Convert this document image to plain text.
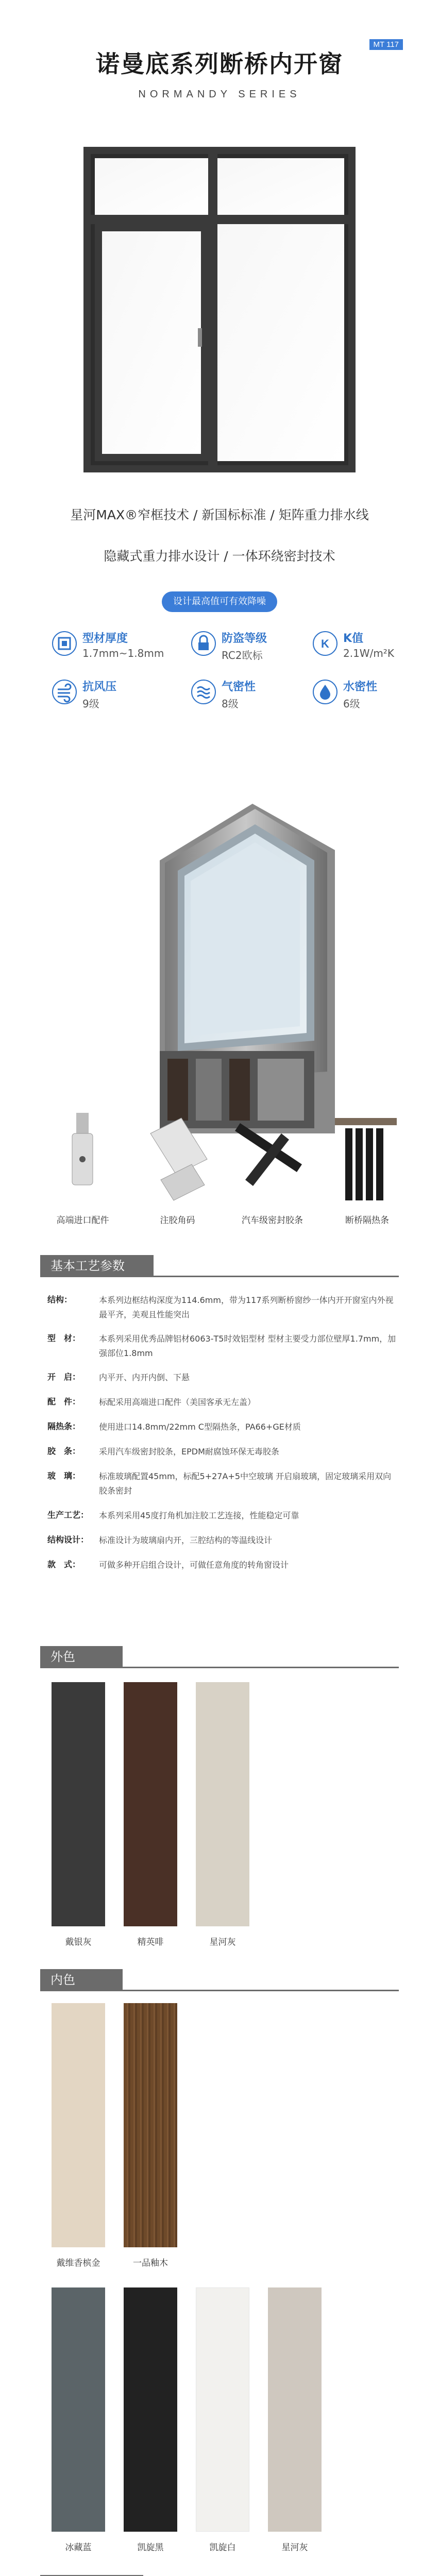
诺曼底系列断桥内开窗
MT 117
NORMANDY SERIES
星河MAX®窄框技术 / 新国标标准 / 矩阵重力排水线
隐藏式重力排水设计 / 一体环绕密封技术
设计最高值可有效降噪 35dB
型材厚度
1.7mm~1.8mm
防盗等级
RC2欧标
K K值
2.1W/m²K
抗风压
9级
气密性
8级
水密性
6级
高端进口配件	注胶角码	汽车级密封胶条	断桥隔热条
基本工艺参数
结构：	本系列边框结构深度为114.6mm，带为117系列断桥窗纱一体内开开窗室内外视最平齐，美观且性能突出
型　材：	本系列采用优秀品牌铝材6063-T5时效铝型材 型材主要受力部位壁厚1.7mm，加强部位1.8mm
开　启：	内平开、内开内倒、下悬
配　件：	标配采用高端进口配件（美国客承无左盖）
隔热条：	使用进口14.8mm/22mm C型隔热条，PA66+GE材质
胶　条：	采用汽车级密封胶条，EPDM耐腐蚀环保无毒胶条
玻　璃：	标准玻璃配置45mm，标配5+27A+5中空玻璃 开启扇玻璃，固定玻璃采用双向胶条密封
生产工艺：	本系列采用45度打角机加注胶工艺连接，性能稳定可靠
结构设计：	标准设计为玻璃扇内开，三腔结构的等温线设计
款　式：	可做多种开启组合设计，可做任意角度的转角窗设计
外色
戴银灰	精英啡	星河灰
内色
戴维香槟金	一品釉木
冰藏蓝	凯旋黑	凯旋白	星河灰
